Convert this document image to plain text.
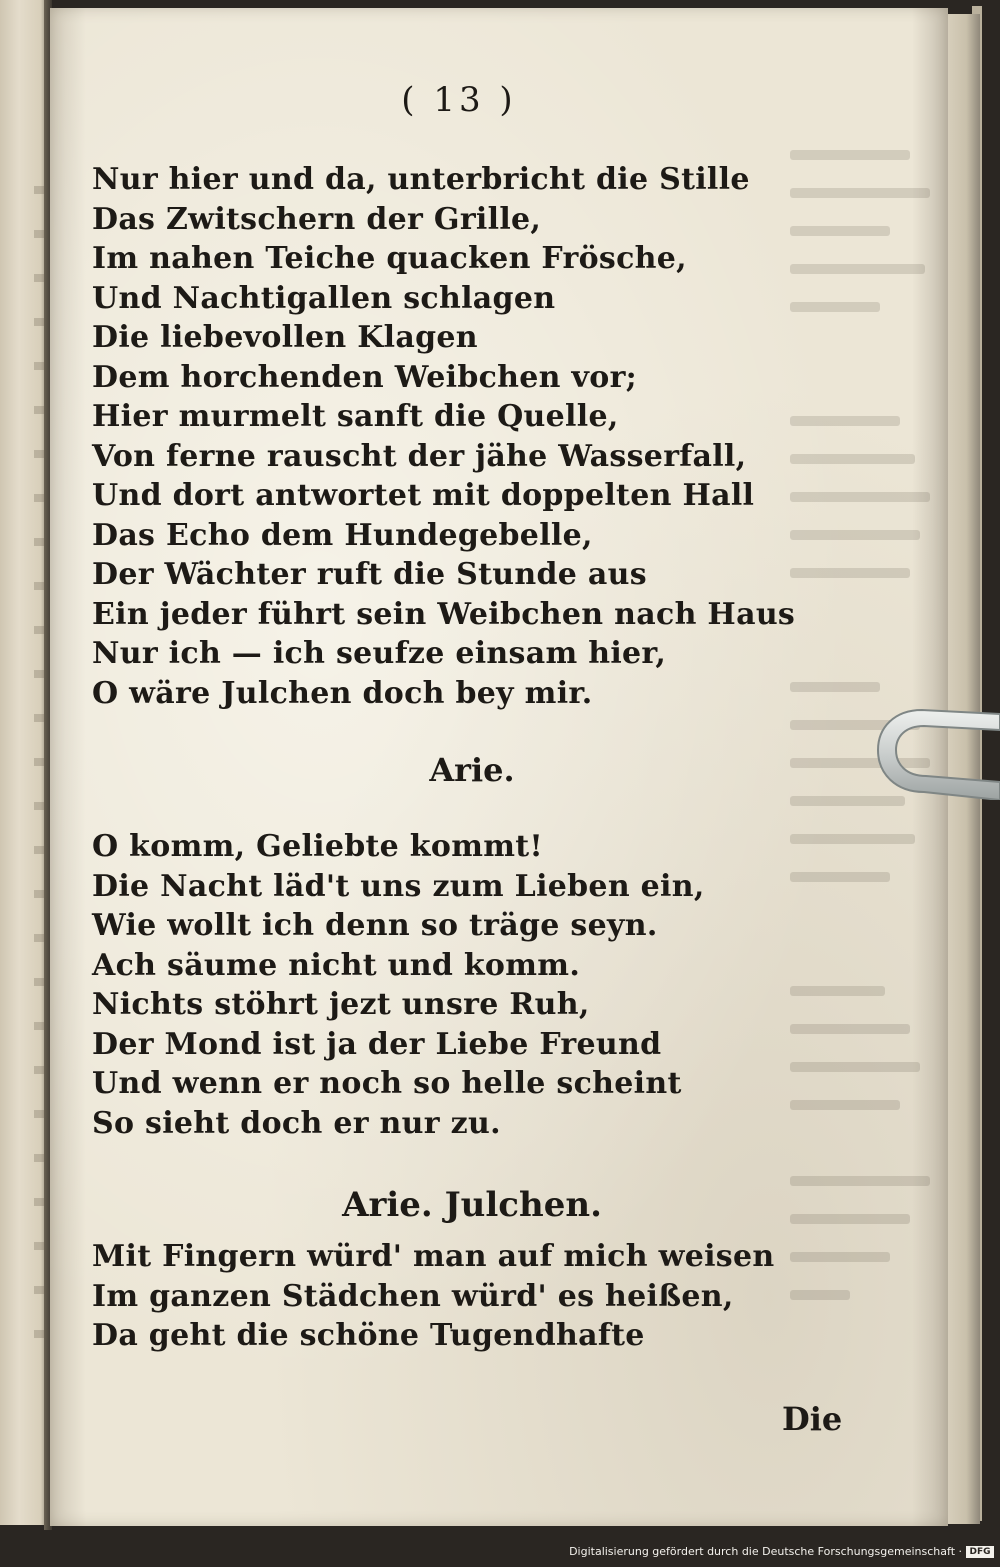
( 13 )
Nur hier und da, unterbricht die Stille
Das Zwitschern der Grille,
Im nahen Teiche quacken Frösche,
Und Nachtigallen schlagen
Die liebevollen Klagen
Dem horchenden Weibchen vor;
Hier murmelt sanft die Quelle,
Von ferne rauscht der jähe Wasserfall,
Und dort antwortet mit doppelten Hall
Das Echo dem Hundegebelle,
Der Wächter ruft die Stunde aus
Ein jeder führt sein Weibchen nach Haus
Nur ich — ich seufze einsam hier,
O wäre Julchen doch bey mir.
Arie.
O komm, Geliebte kommt!
Die Nacht läd't uns zum Lieben ein,
Wie wollt ich denn so träge seyn.
Ach säume nicht und komm.
Nichts stöhrt jezt unsre Ruh,
Der Mond ist ja der Liebe Freund
Und wenn er noch so helle scheint
So sieht doch er nur zu.
Arie. Julchen.
Mit Fingern würd' man auf mich weisen
Im ganzen Städchen würd' es heißen,
Da geht die schöne Tugendhafte
Die
Digitalisierung gefördert durch die Deutsche Forschungsgemeinschaft · DFG
